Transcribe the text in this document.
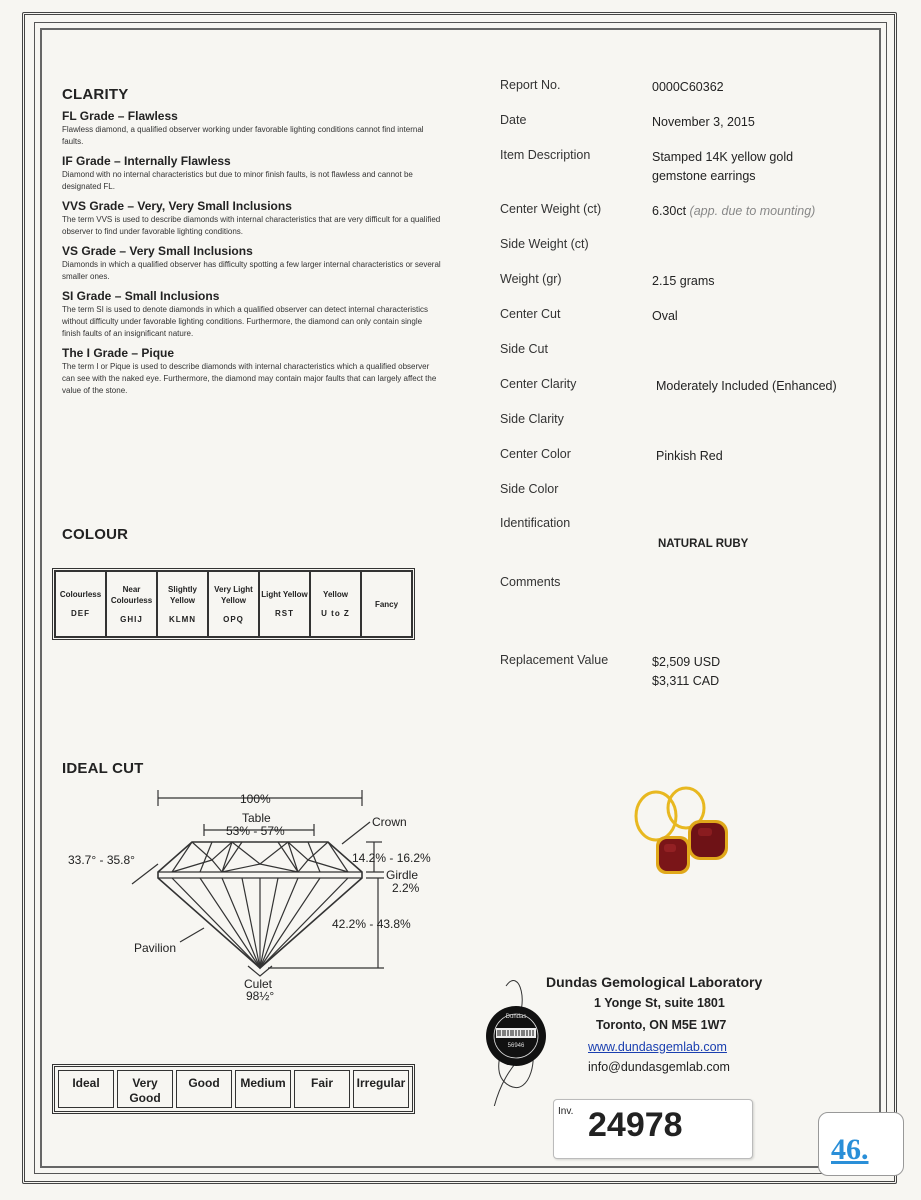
CLARITY
FL Grade – Flawless
Flawless diamond, a qualified observer working under favorable lighting conditions cannot find internal faults.
IF Grade – Internally Flawless
Diamond with no internal characteristics but due to minor finish faults, is not flawless and cannot be designated FL.
VVS Grade – Very, Very Small Inclusions
The term VVS is used to describe diamonds with internal characteristics that are very difficult for a qualified observer to find under favorable lighting conditions.
VS Grade – Very Small Inclusions
Diamonds in which a qualified observer has difficulty spotting a few larger internal characteristics or several smaller ones.
SI Grade – Small Inclusions
The term SI is used to denote diamonds in which a qualified observer can detect internal characteristics without difficulty under favorable lighting conditions. Furthermore, the diamond can only contain single finish faults of an insignificant nature.
The I Grade – Pique
The term I or Pique is used to describe diamonds with internal characteristics which a qualified observer can see with the naked eye. Furthermore, the diamond may contain major faults that can largely affect the value of the stone.
COLOUR
Colourless
DEF
	Near Colourless
GHIJ
	Slightly Yellow
KLMN
	Very Light Yellow
OPQ
	Light Yellow
RST
	Yellow
U to Z
	Fancy
IDEAL CUT
100%
Table
53% - 57%
Crown
33.7° - 35.8°	14.2% - 16.2%
Girdle
2.2%
42.2% - 43.8%
Pavilion
Culet
98½°
Ideal	Very Good	Good	Medium	Fair	Irregular
Report No.	0000C60362
Date	November 3, 2015
Item Description	Stamped 14K yellow gold gemstone earrings
Center Weight (ct)	6.30ct (app. due to mounting)
Side Weight (ct)
Weight (gr)	2.15 grams
Center Cut	Oval
Side Cut
Center Clarity	Moderately Included (Enhanced)
Side Clarity
Center Color	Pinkish Red
Side Color
Identification
NATURAL RUBY
Comments
Replacement Value	$2,509 USD
$3,311 CAD
56946
Dundas
Dundas Gemological Laboratory
1 Yonge St, suite 1801
Toronto, ON M5E 1W7
www.dundasgemlab.com
info@dundasgemlab.com
Inv. 24978
46.
